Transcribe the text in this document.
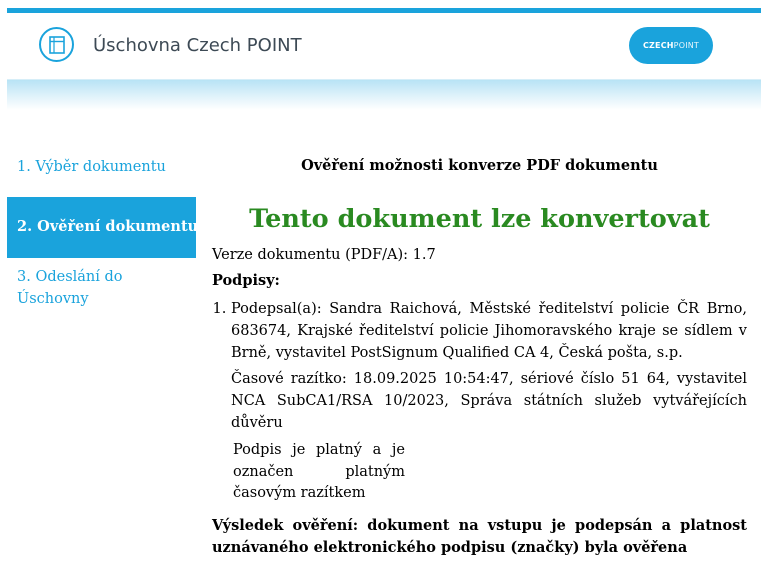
Úschovna Czech POINT	CZECH POINT
1. Výběr dokumentu
2. Ověření dokumentu
3. Odeslání do Úschovny
Ověření možnosti konverze PDF dokumentu
Tento dokument lze konvertovat
Verze dokumentu (PDF/A): 1.7
Podpisy:

1. Podepsal(a): Sandra Raichová, Městské ředitelství policie ČR Brno, 683674, Krajské ředitelství policie Jihomoravského kraje se sídlem v Brně, vystavitel PostSignum Qualified CA 4, Česká pošta, s.p.

Časové razítko: 18.09.2025 10:54:47, sériové číslo 51 64, vystavitel NCA SubCA1/RSA 10/2023, Správa státních služeb vytvářejících důvěru

Podpis je platný a je označen platným časovým razítkem

Výsledek ověření: dokument na vstupu je podepsán a platnost uznávaného elektronického podpisu (značky) byla ověřena
